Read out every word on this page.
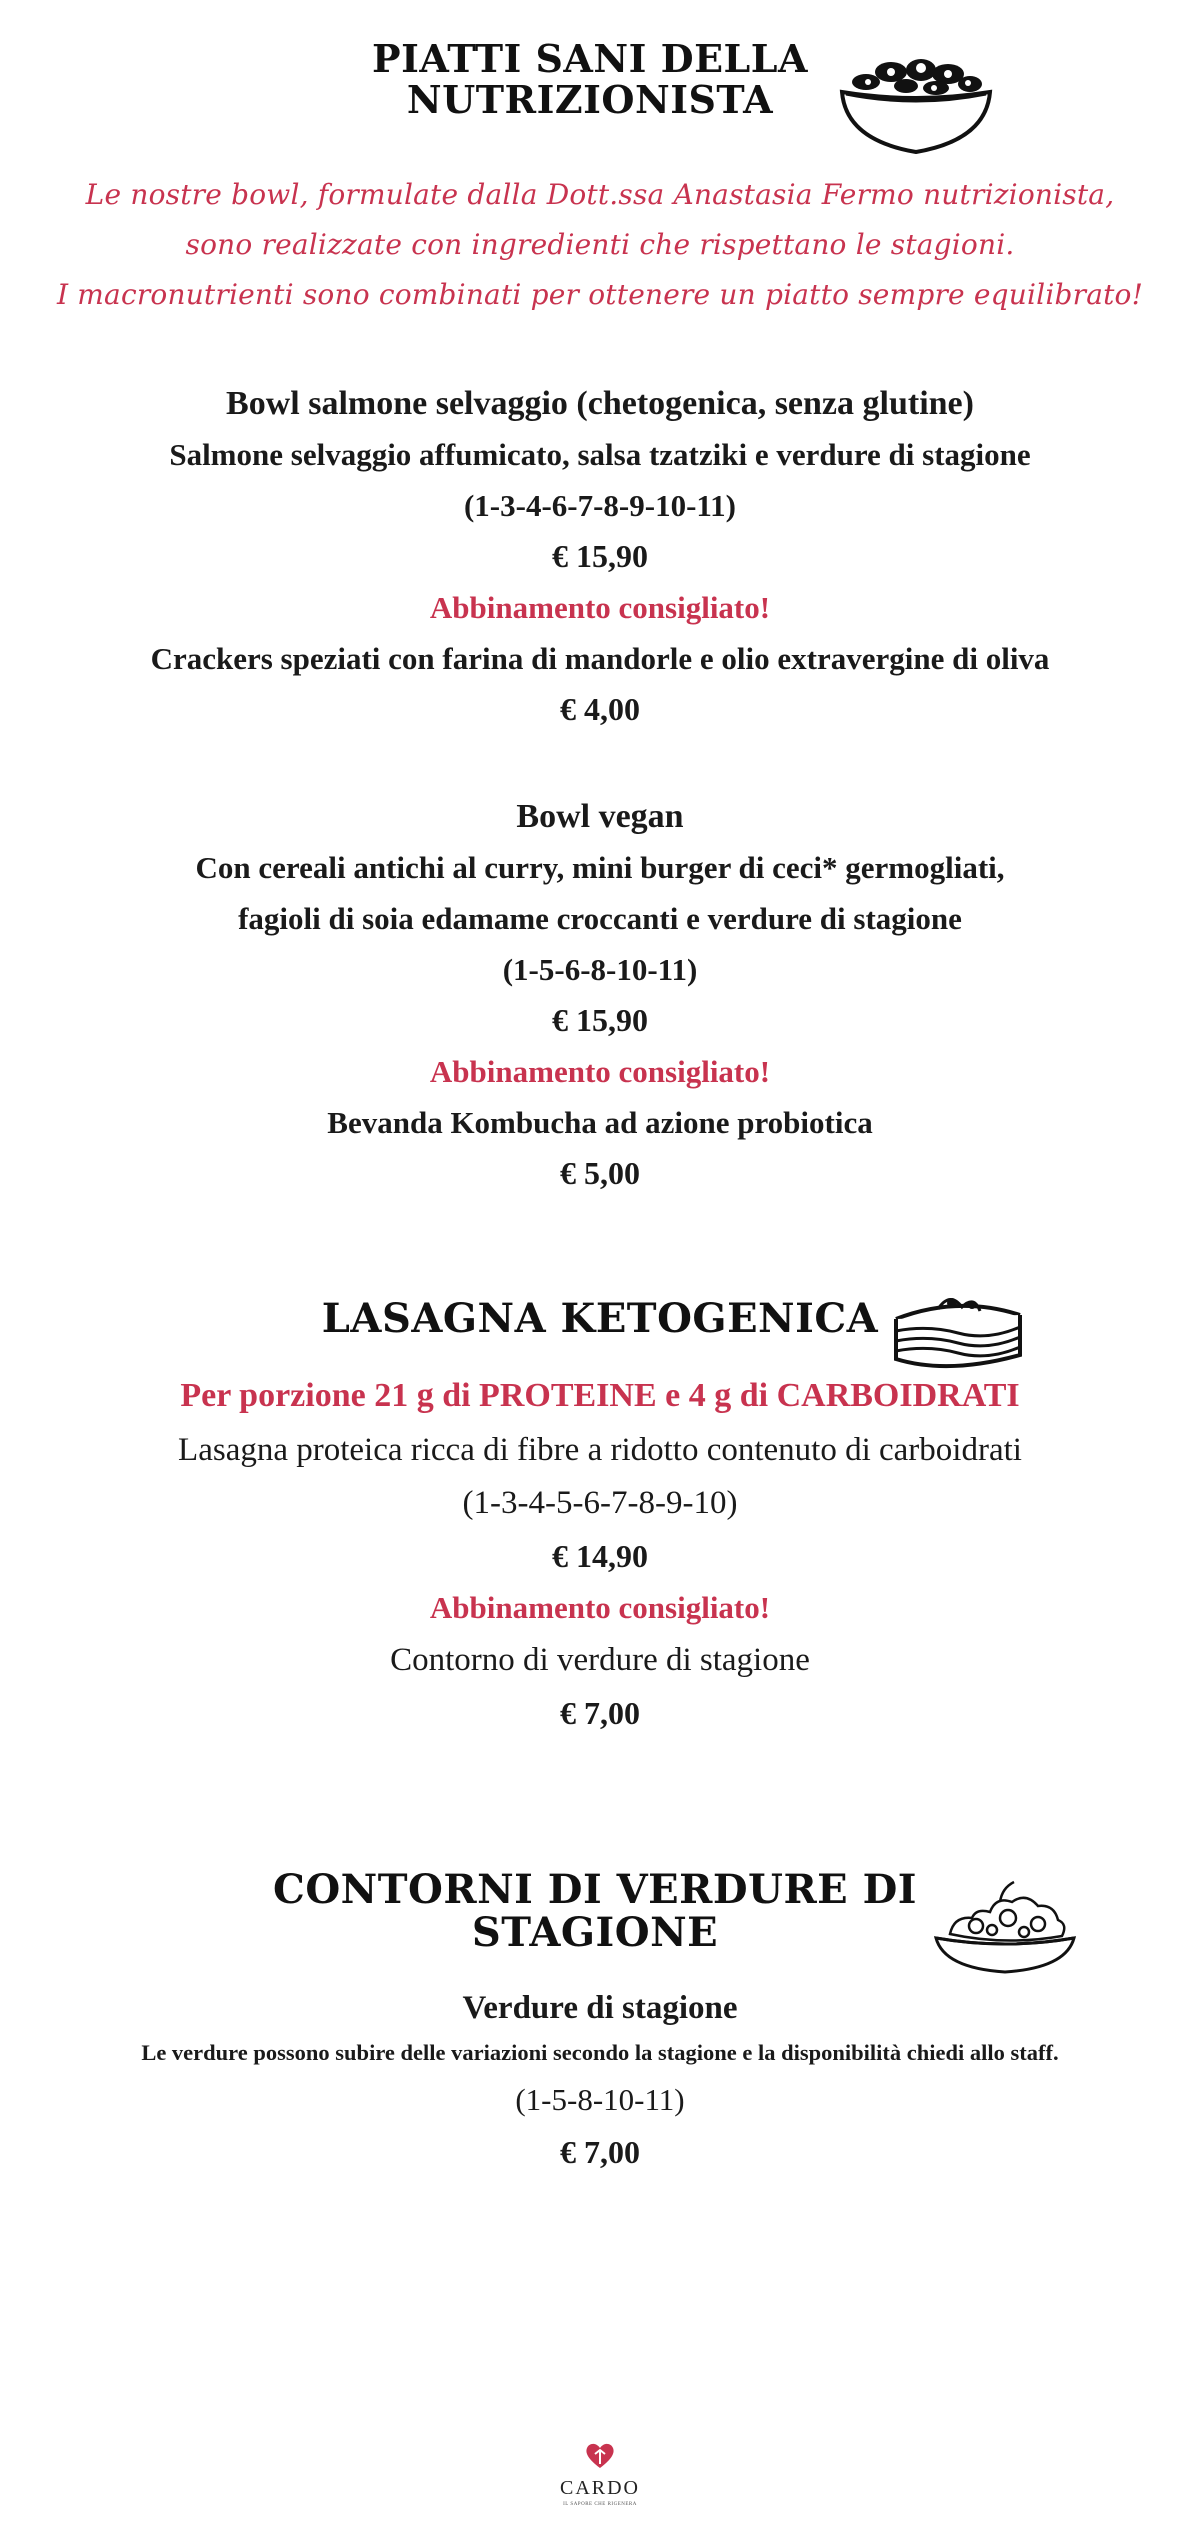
PIATTI SANI DELLA
NUTRIZIONISTA
Le nostre bowl, formulate dalla Dott.ssa Anastasia Fermo nutrizionista,
sono realizzate con ingredienti che rispettano le stagioni.
I macronutrienti sono combinati per ottenere un piatto sempre equilibrato!
Bowl salmone selvaggio (chetogenica, senza glutine)
Salmone selvaggio affumicato, salsa tzatziki e verdure di stagione
(1-3-4-6-7-8-9-10-11)
€ 15,90
Abbinamento consigliato!
Crackers speziati con farina di mandorle e olio extravergine di oliva
€ 4,00
Bowl vegan
Con cereali antichi al curry, mini burger di ceci* germogliati,
fagioli di soia edamame croccanti e verdure di stagione
(1-5-6-8-10-11)
€ 15,90
Abbinamento consigliato!
Bevanda Kombucha ad azione probiotica
€ 5,00
LASAGNA KETOGENICA
Per porzione 21 g di PROTEINE e 4 g di CARBOIDRATI
Lasagna proteica ricca di fibre a ridotto contenuto di carboidrati
(1-3-4-5-6-7-8-9-10)
€ 14,90
Abbinamento consigliato!
Contorno di verdure di stagione
€ 7,00
CONTORNI DI VERDURE DI
STAGIONE
Verdure di stagione
Le verdure possono subire delle variazioni secondo la stagione e la disponibilità chiedi allo staff.
(1-5-8-10-11)
€ 7,00
CARDO
IL SAPORE CHE RIGENERA
